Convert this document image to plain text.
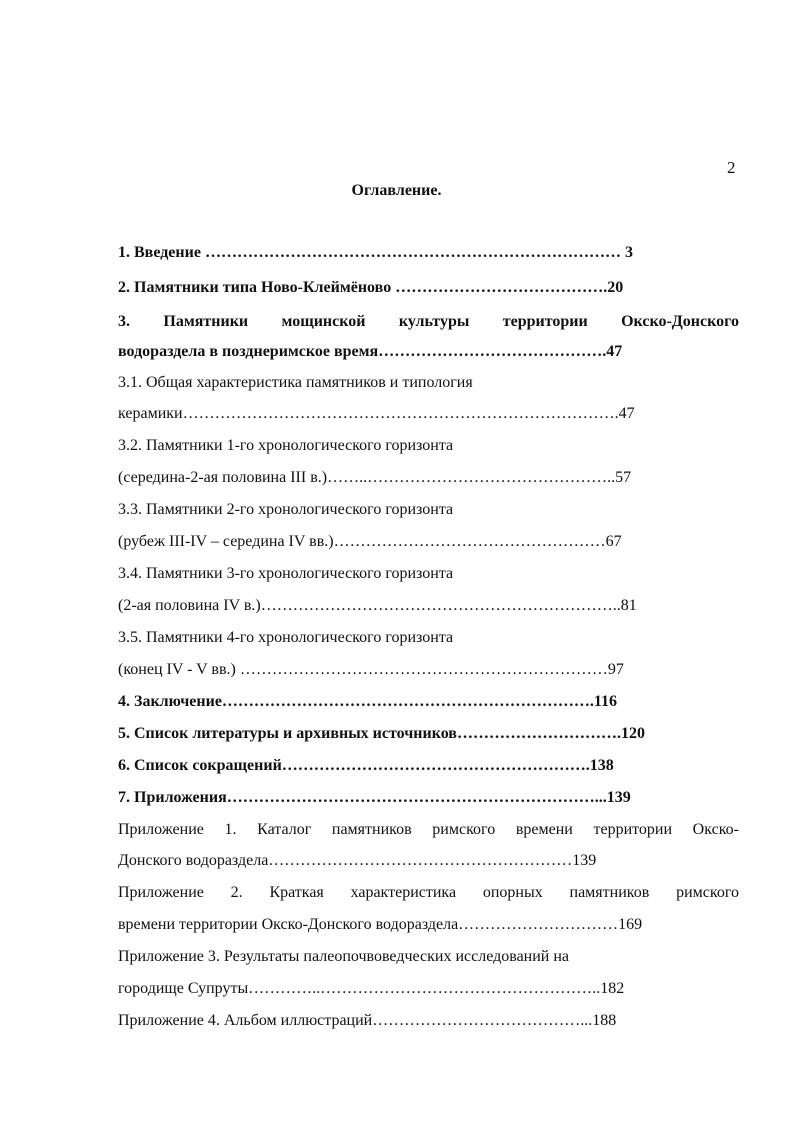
2
Оглавление.
1. Введение …………………………………………………………………… 3
2. Памятники типа Ново-Клеймёново ………………………………….20
3. Памятники мощинской культуры территории Окско-Донского
водораздела в позднеримское время…………………………………….47
3.1. Общая характеристика памятников и типология
керамики……………………………………………………………………….47
3.2. Памятники 1-го хронологического горизонта
(середина-2-ая половина III в.)……..………………………………………..57
3.3. Памятники 2-го хронологического горизонта
(рубеж III-IV – середина IV вв.)……………………………………………67
3.4. Памятники 3-го хронологического горизонта
(2-ая половина IV в.)…………………………………………………………..81
3.5. Памятники 4-го хронологического горизонта
(конец IV - V вв.) ……………………………………………………………97
4. Заключение…………………………………………………………….116
5. Список литературы и архивных источников………………………….120
6. Список сокращений………………………………………………….138
7. Приложения……………………………………………………………...139
Приложение 1. Каталог памятников римского времени территории Окско-
Донского водораздела…………………………………………………139
Приложение 2. Краткая характеристика опорных памятников римского
времени территории Окско-Донского водораздела…………………………169
Приложение 3. Результаты палеопочвоведческих исследований на
городище Супруты…………..……………………………………………..182
Приложение 4. Альбом иллюстраций…………………………………...188
